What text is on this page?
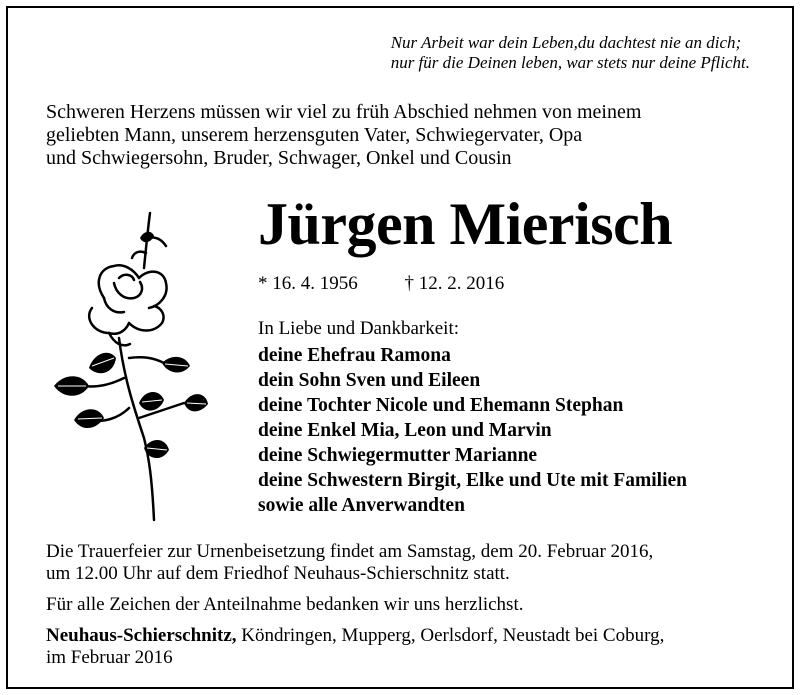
Nur Arbeit war dein Leben,du dachtest nie an dich;
nur für die Deinen leben, war stets nur deine Pflicht.
Schweren Herzens müssen wir viel zu früh Abschied nehmen von meinem
geliebten Mann, unserem herzensguten Vater, Schwiegervater, Opa
und Schwiegersohn, Bruder, Schwager, Onkel und Cousin
Jürgen Mierisch
* 16. 4. 1956 † 12. 2. 2016
In Liebe und Dankbarkeit:
deine Ehefrau Ramona
dein Sohn Sven und Eileen
deine Tochter Nicole und Ehemann Stephan
deine Enkel Mia, Leon und Marvin
deine Schwiegermutter Marianne
deine Schwestern Birgit, Elke und Ute mit Familien
sowie alle Anverwandten
Die Trauerfeier zur Urnenbeisetzung findet am Samstag, dem 20. Februar 2016,
um 12.00 Uhr auf dem Friedhof Neuhaus-Schierschnitz statt.
Für alle Zeichen der Anteilnahme bedanken wir uns herzlichst.
Neuhaus-Schierschnitz, Köndringen, Mupperg, Oerlsdorf, Neustadt bei Coburg,
im Februar 2016
